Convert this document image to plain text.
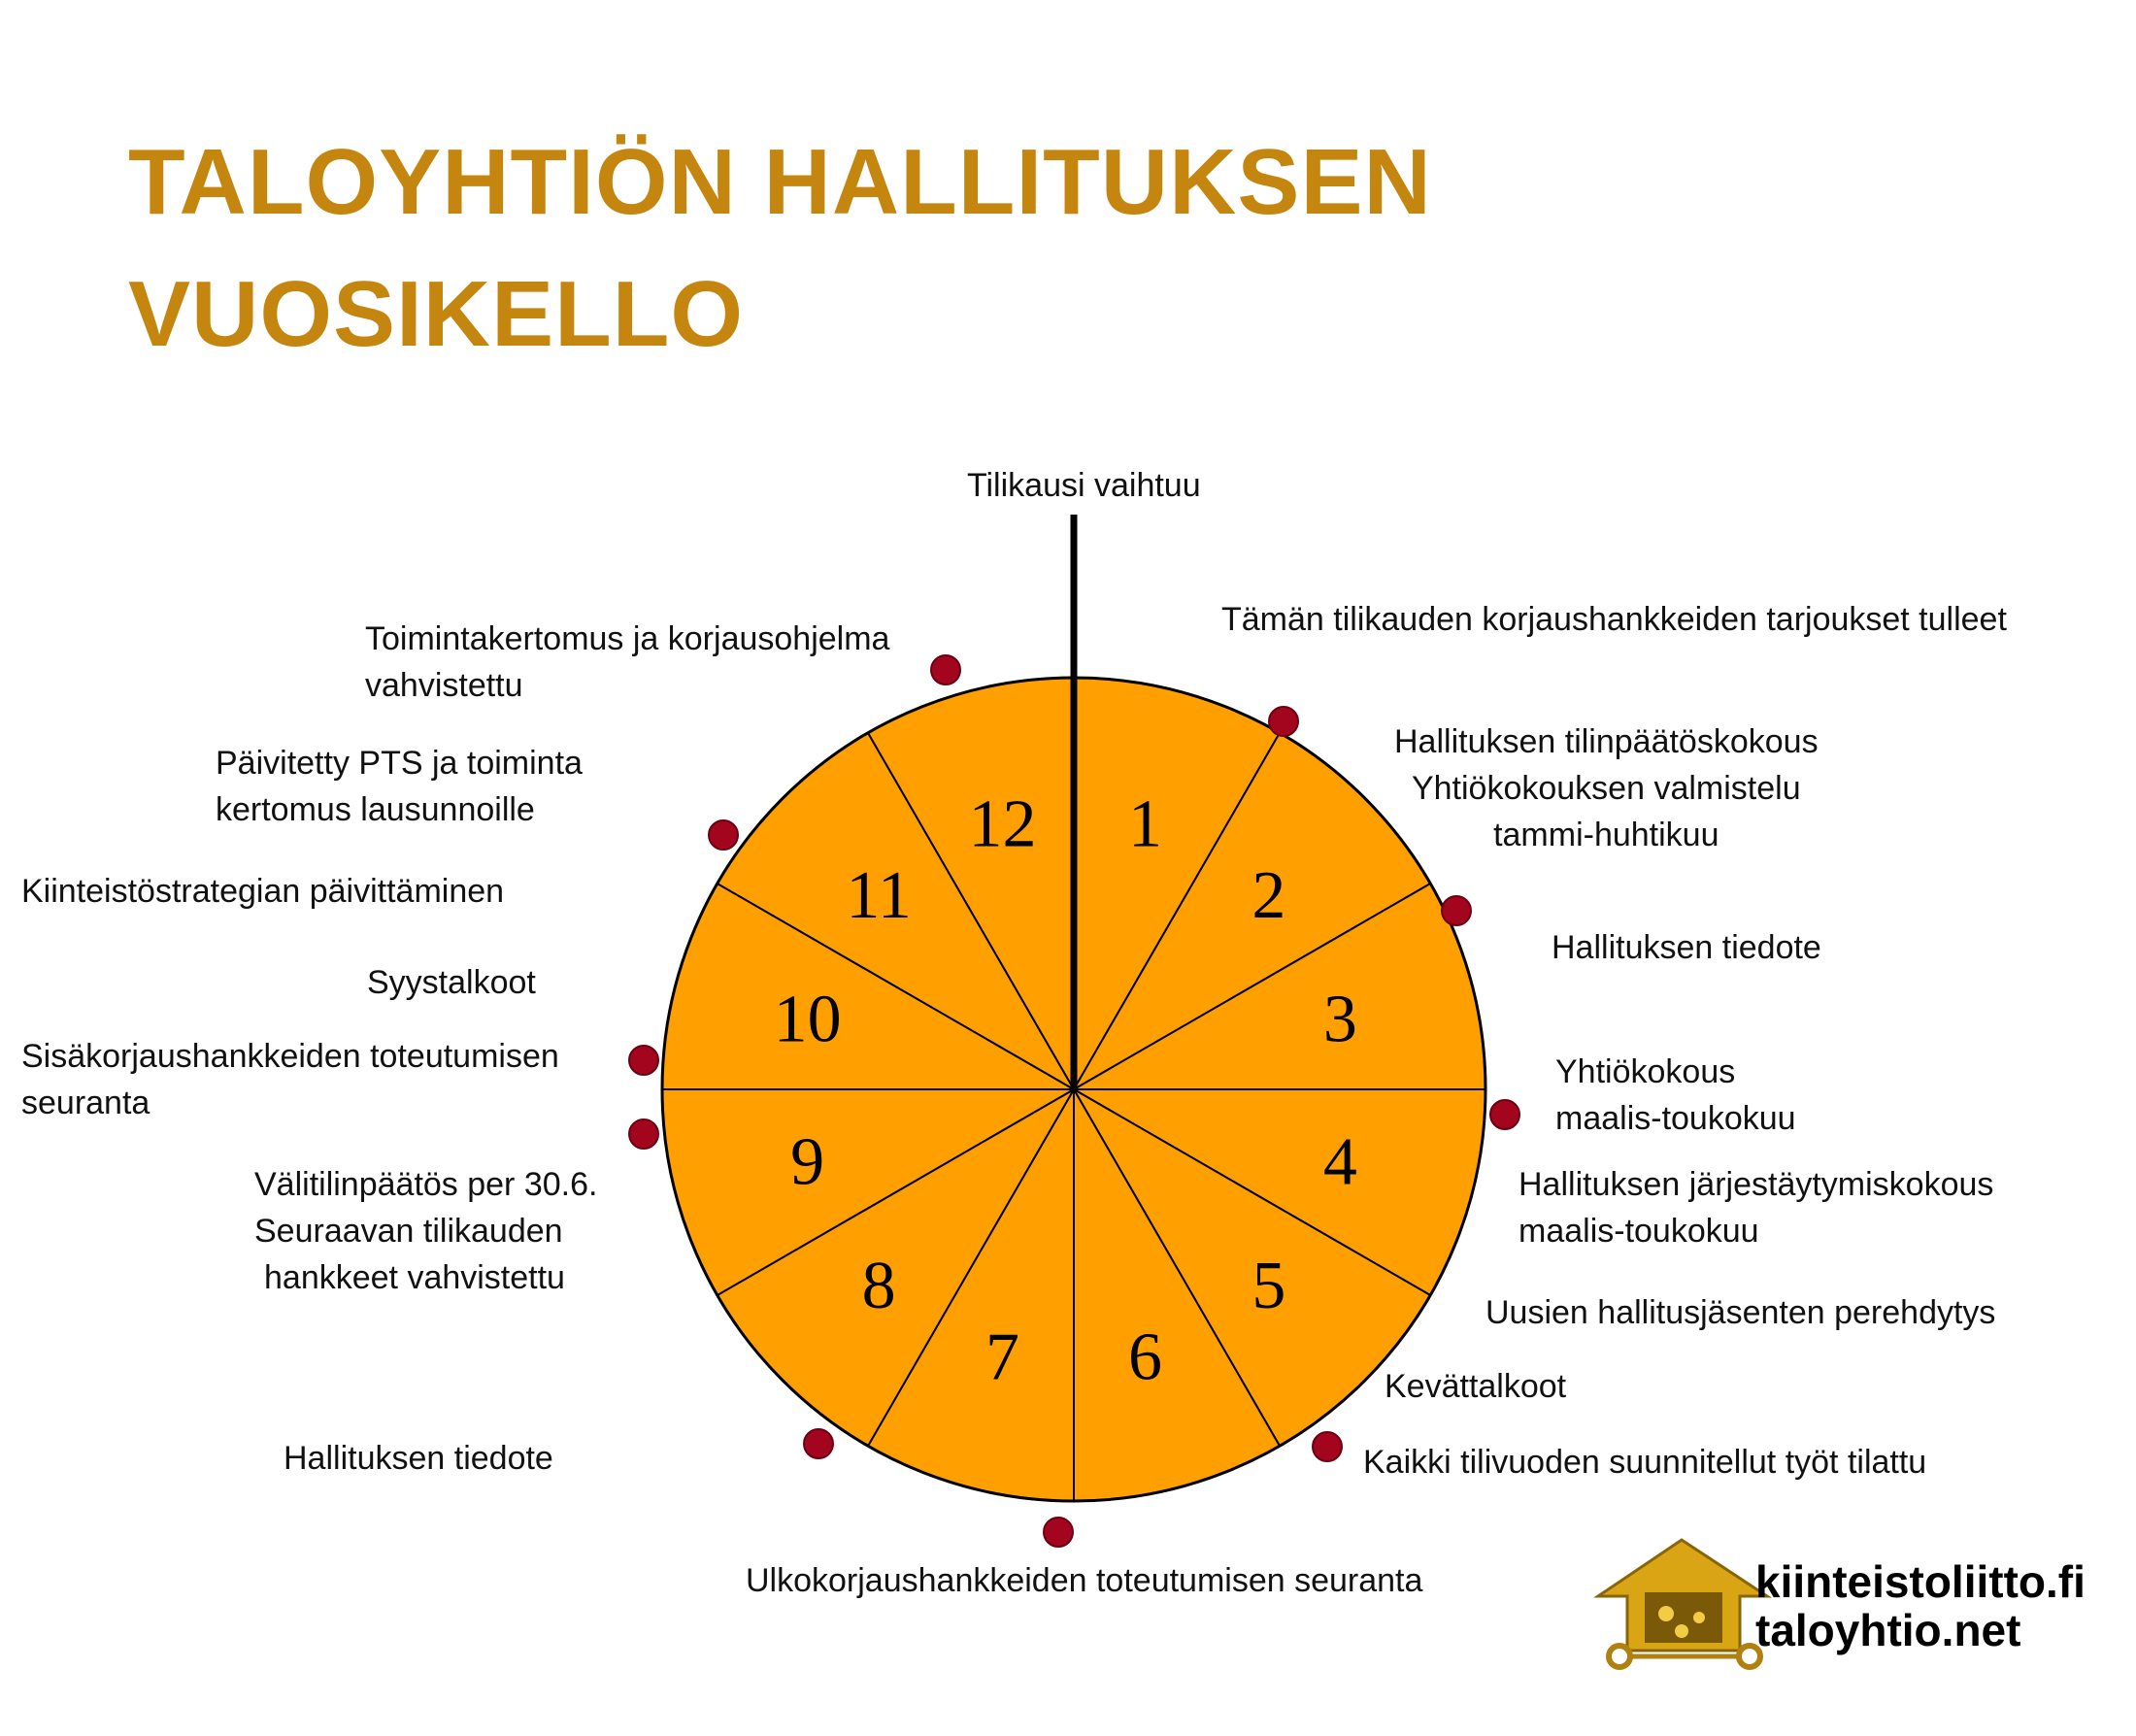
TALOYHTIÖN HALLITUKSEN
VUOSIKELLO
1
2
3
4
5
6
7
8
9
10
11
12
Tilikausi vaihtuu
Tämän tilikauden korjaushankkeiden tarjoukset tulleet
Hallituksen tilinpäätöskokous
Yhtiökokouksen valmistelu
tammi-huhtikuu
Hallituksen tiedote
Yhtiökokous
maalis-toukokuu
Hallituksen järjestäytymiskokous
maalis-toukokuu
Uusien hallitusjäsenten perehdytys
Kevättalkoot
Kaikki tilivuoden suunnitellut työt tilattu
Ulkokorjaushankkeiden toteutumisen seuranta
Hallituksen tiedote
Välitilinpäätös per 30.6.
Seuraavan tilikauden
hankkeet vahvistettu
Sisäkorjaushankkeiden toteutumisen
seuranta
Syystalkoot
Kiinteistöstrategian päivittäminen
Päivitetty PTS ja toiminta
kertomus lausunnoille
Toimintakertomus ja korjausohjelma
vahvistettu
kiinteistoliitto.fi
taloyhtio.net
